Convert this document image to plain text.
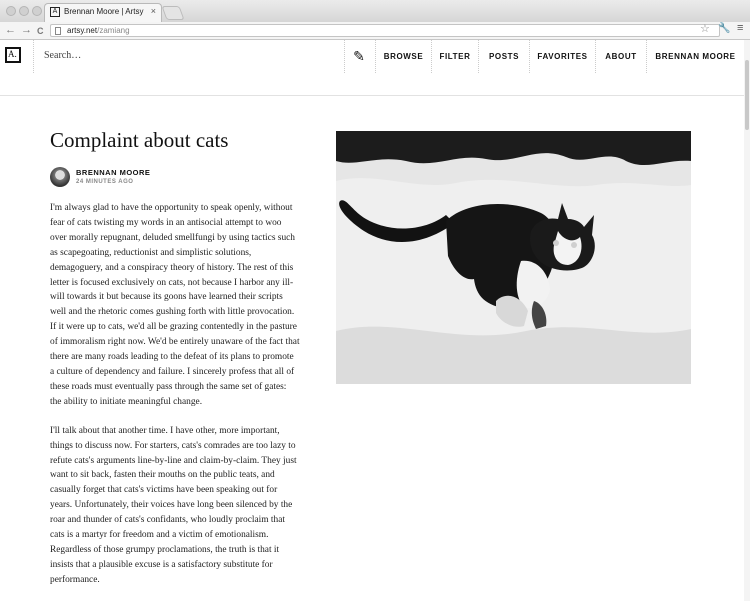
A Brennan Moore | Artsy ×
← → C	artsy.net/zamiang	☆ 🔧 ≡
A.
Search…	✎	BROWSE	FILTER	POSTS	FAVORITES	ABOUT	BRENNAN MOORE
Complaint about cats
BRENNAN MOORE
24 MINUTES AGO

I'm always glad to have the opportunity to speak openly, without fear of cats twisting my words in an antisocial attempt to woo over morally repugnant, deluded smellfungi by using tactics such as scapegoating, reductionist and simplistic solutions, demagoguery, and a conspiracy theory of history. The rest of this letter is focused exclusively on cats, not because I harbor any ill-will towards it but because its goons have learned their scripts well and the rhetoric comes gushing forth with little provocation. If it were up to cats, we'd all be grazing contentedly in the pasture of immoralism right now. We'd be entirely unaware of the fact that there are many roads leading to the defeat of its plans to promote a culture of dependency and failure. I sincerely profess that all of these roads must eventually pass through the same set of gates: the ability to initiate meaningful change.

I'll talk about that another time. I have other, more important, things to discuss now. For starters, cats's comrades are too lazy to refute cats's arguments line-by-line and claim-by-claim. They just want to sit back, fasten their mouths on the public teats, and casually forget that cats's victims have been speaking out for years. Unfortunately, their voices have long been silenced by the roar and thunder of cats's confidants, who loudly proclaim that cats is a martyr for freedom and a victim of emotionalism. Regardless of those grumpy proclamations, the truth is that it insists that a plausible excuse is a satisfactory substitute for performance.
